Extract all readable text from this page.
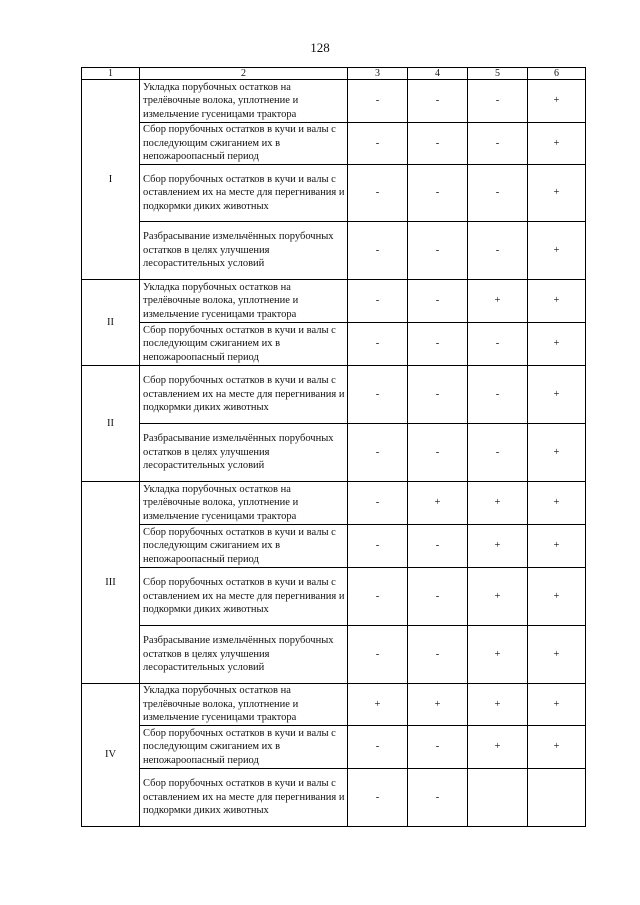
128
1	2	3	4	5	6
I	Укладка порубочных остатков на трелёвочные волока, уплотнение и измельчение гусеницами трактора	-	-	-	+
	Сбор порубочных остатков в кучи и валы с последующим сжиганием их в непожароопасный период	-	-	-	+
	Сбор порубочных остатков в кучи и валы с оставлением их на месте для перегнивания и подкормки диких животных	-	-	-	+
	Разбрасывание измельчённых порубочных остатков в целях улучшения лесорастительных условий	-	-	-	+
II	Укладка порубочных остатков на трелёвочные волока, уплотнение и измельчение гусеницами трактора	-	-	+	+
	Сбор порубочных остатков в кучи и валы с последующим сжиганием их в непожароопасный период	-	-	-	+
II	Сбор порубочных остатков в кучи и валы с оставлением их на месте для перегнивания и подкормки диких животных	-	-	-	+
	Разбрасывание измельчённых порубочных остатков в целях улучшения лесорастительных условий	-	-	-	+
III	Укладка порубочных остатков на трелёвочные волока, уплотнение и измельчение гусеницами трактора	-	+	+	+
	Сбор порубочных остатков в кучи и валы с последующим сжиганием их в непожароопасный период	-	-	+	+
	Сбор порубочных остатков в кучи и валы с оставлением их на месте для перегнивания и подкормки диких животных	-	-	+	+
	Разбрасывание измельчённых порубочных остатков в целях улучшения лесорастительных условий	-	-	+	+
IV	Укладка порубочных остатков на трелёвочные волока, уплотнение и измельчение гусеницами трактора	+	+	+	+
	Сбор порубочных остатков в кучи и валы с последующим сжиганием их в непожароопасный период	-	-	+	+
	Сбор порубочных остатков в кучи и валы с оставлением их на месте для перегнивания и подкормки диких животных	-	-		
